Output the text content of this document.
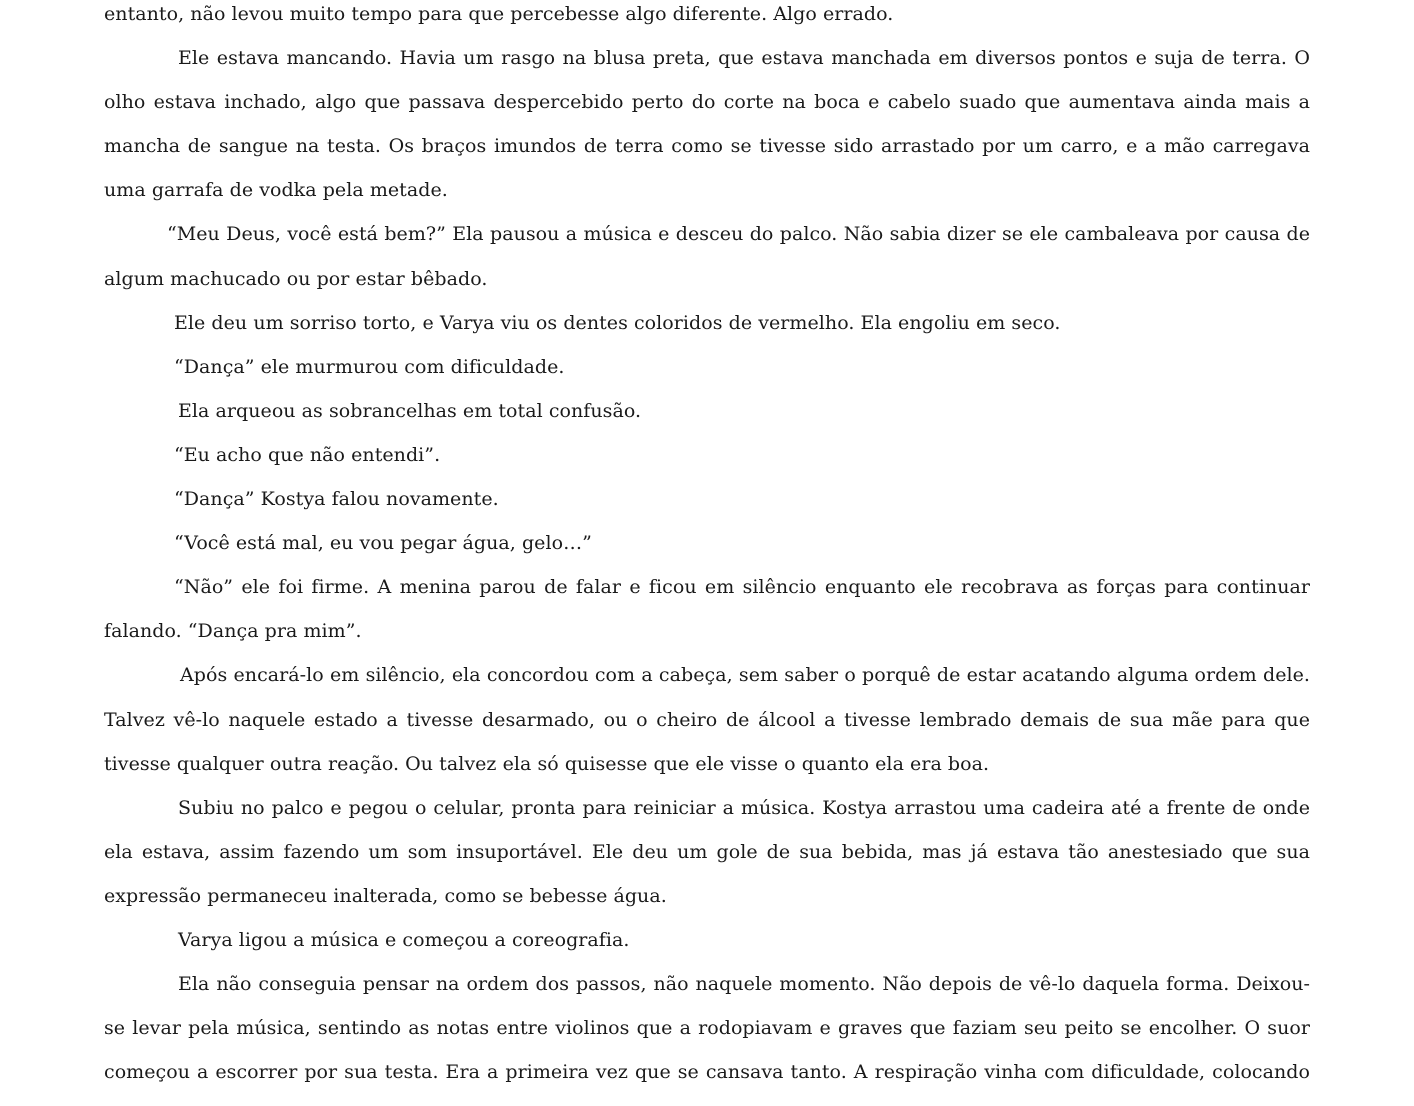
entanto, não levou muito tempo para que percebesse algo diferente. Algo errado.

Ele estava mancando. Havia um rasgo na blusa preta, que estava manchada em diversos pontos e suja de terra. O olho estava inchado, algo que passava despercebido perto do corte na boca e cabelo suado que aumentava ainda mais a mancha de sangue na testa. Os braços imundos de terra como se tivesse sido arrastado por um carro, e a mão carregava uma garrafa de vodka pela metade.

“Meu Deus, você está bem?” Ela pausou a música e desceu do palco. Não sabia dizer se ele cambaleava por causa de algum machucado ou por estar bêbado.

Ele deu um sorriso torto, e Varya viu os dentes coloridos de vermelho. Ela engoliu em seco.

“Dança” ele murmurou com dificuldade.

Ela arqueou as sobrancelhas em total confusão.

“Eu acho que não entendi”.

“Dança” Kostya falou novamente.

“Você está mal, eu vou pegar água, gelo…”

“Não” ele foi firme. A menina parou de falar e ficou em silêncio enquanto ele recobrava as forças para continuar falando. “Dança pra mim”.

Após encará-lo em silêncio, ela concordou com a cabeça, sem saber o porquê de estar acatando alguma ordem dele. Talvez vê-lo naquele estado a tivesse desarmado, ou o cheiro de álcool a tivesse lembrado demais de sua mãe para que tivesse qualquer outra reação. Ou talvez ela só quisesse que ele visse o quanto ela era boa.

Subiu no palco e pegou o celular, pronta para reiniciar a música. Kostya arrastou uma cadeira até a frente de onde ela estava, assim fazendo um som insuportável. Ele deu um gole de sua bebida, mas já estava tão anestesiado que sua expressão permaneceu inalterada, como se bebesse água.

Varya ligou a música e começou a coreografia.

Ela não conseguia pensar na ordem dos passos, não naquele momento. Não depois de vê-lo daquela forma. Deixou-se levar pela música, sentindo as notas entre violinos que a rodopiavam e graves que faziam seu peito se encolher. O suor começou a escorrer por sua testa. Era a primeira vez que se cansava tanto. A respiração vinha com dificuldade, colocando
